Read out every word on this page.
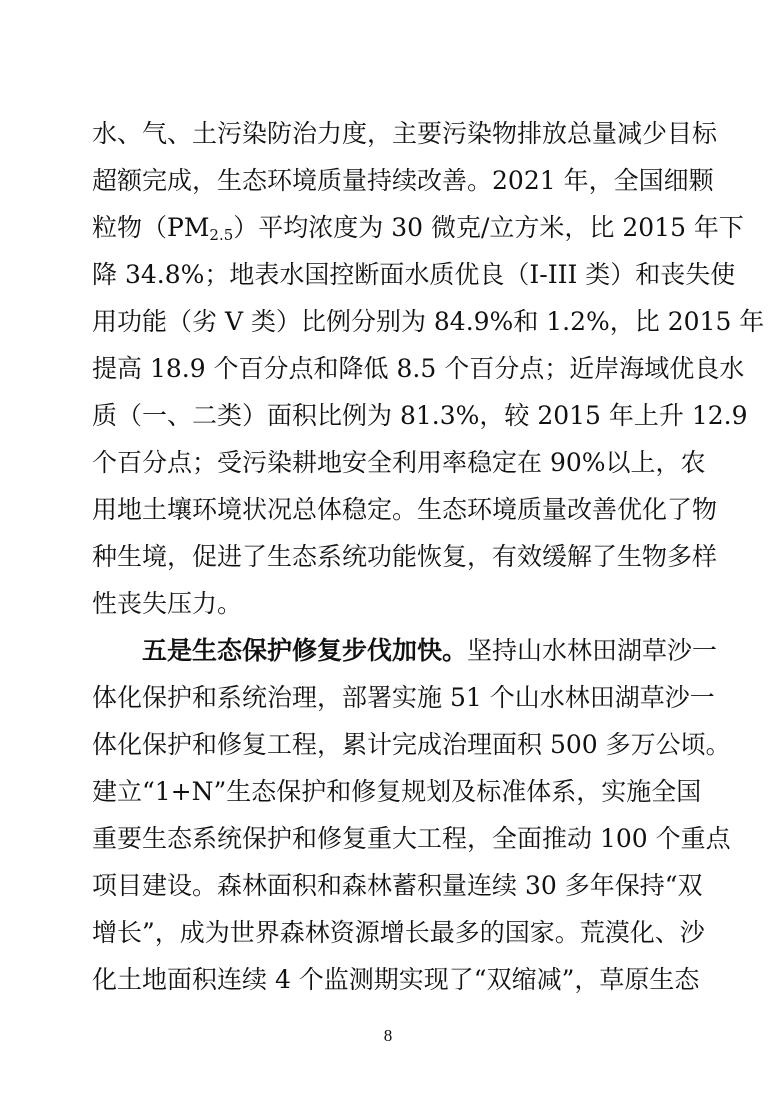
水、气、土污染防治力度，主要污染物排放总量减少目标
超额完成，生态环境质量持续改善。2021 年，全国细颗
粒物$(PM_{2.5})$平均浓度为 30 微克/立方米，比 2015 年下
降 34.8%；地表水国控断面水质优良（I-III 类）和丧失使
用功能（劣 V 类）比例分别为 84.9%和 1.2%，比 2015 年
提高 18.9 个百分点和降低 8.5 个百分点；近岸海域优良水
质（一、二类）面积比例为 81.3%，较 2015 年上升 12.9
个百分点；受污染耕地安全利用率稳定在 90%以上，农
用地土壤环境状况总体稳定。生态环境质量改善优化了物
种生境，促进了生态系统功能恢复，有效缓解了生物多样
性丧失压力。
五是生态保护修复步伐加快。坚持山水林田湖草沙一
体化保护和系统治理，部署实施 51 个山水林田湖草沙一
体化保护和修复工程，累计完成治理面积 500 多万公顷。
建立“1+N”生态保护和修复规划及标准体系，实施全国
重要生态系统保护和修复重大工程，全面推动 100 个重点
项目建设。森林面积和森林蓄积量连续 30 多年保持“双
增长”，成为世界森林资源增长最多的国家。荒漠化、沙
化土地面积连续 4 个监测期实现了“双缩减”，草原生态
8
